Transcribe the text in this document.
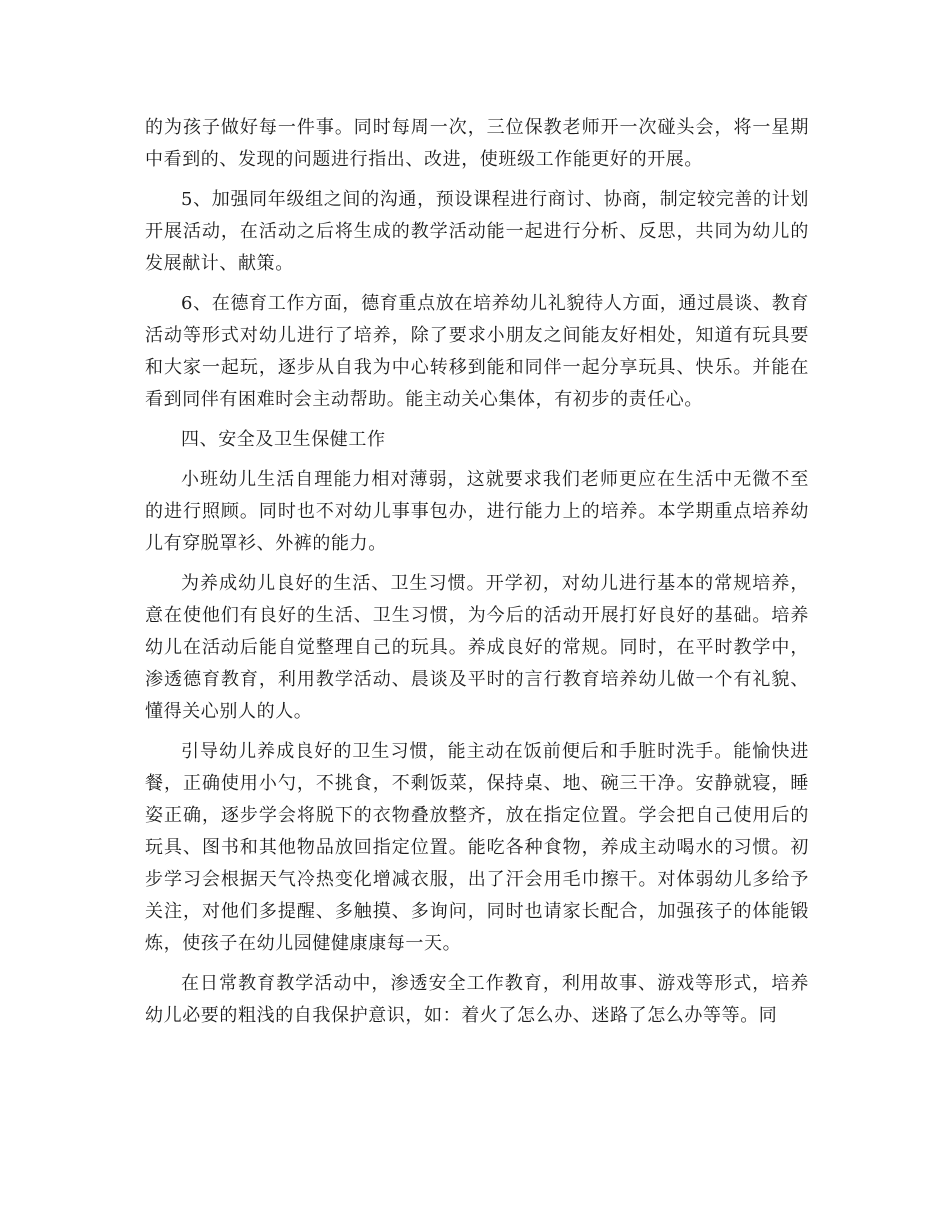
的为孩子做好每一件事。同时每周一次，三位保教老师开一次碰头会，将一星期中看到的、发现的问题进行指出、改进，使班级工作能更好的开展。

5、加强同年级组之间的沟通，预设课程进行商讨、协商，制定较完善的计划开展活动，在活动之后将生成的教学活动能一起进行分析、反思，共同为幼儿的发展献计、献策。

6、在德育工作方面，德育重点放在培养幼儿礼貌待人方面，通过晨谈、教育活动等形式对幼儿进行了培养，除了要求小朋友之间能友好相处，知道有玩具要和大家一起玩，逐步从自我为中心转移到能和同伴一起分享玩具、快乐。并能在看到同伴有困难时会主动帮助。能主动关心集体，有初步的责任心。

四、安全及卫生保健工作

小班幼儿生活自理能力相对薄弱，这就要求我们老师更应在生活中无微不至的进行照顾。同时也不对幼儿事事包办，进行能力上的培养。本学期重点培养幼儿有穿脱罩衫、外裤的能力。

为养成幼儿良好的生活、卫生习惯。开学初，对幼儿进行基本的常规培养，意在使他们有良好的生活、卫生习惯，为今后的活动开展打好良好的基础。培养幼儿在活动后能自觉整理自己的玩具。养成良好的常规。同时，在平时教学中，渗透德育教育，利用教学活动、晨谈及平时的言行教育培养幼儿做一个有礼貌、懂得关心别人的人。

引导幼儿养成良好的卫生习惯，能主动在饭前便后和手脏时洗手。能愉快进餐，正确使用小勺，不挑食，不剩饭菜，保持桌、地、碗三干净。安静就寝，睡姿正确，逐步学会将脱下的衣物叠放整齐，放在指定位置。学会把自己使用后的玩具、图书和其他物品放回指定位置。能吃各种食物，养成主动喝水的习惯。初步学习会根据天气冷热变化增减衣服，出了汗会用毛巾擦干。对体弱幼儿多给予关注，对他们多提醒、多触摸、多询问，同时也请家长配合，加强孩子的体能锻炼，使孩子在幼儿园健健康康每一天。

在日常教育教学活动中，渗透安全工作教育，利用故事、游戏等形式，培养幼儿必要的粗浅的自我保护意识，如：着火了怎么办、迷路了怎么办等等。同
